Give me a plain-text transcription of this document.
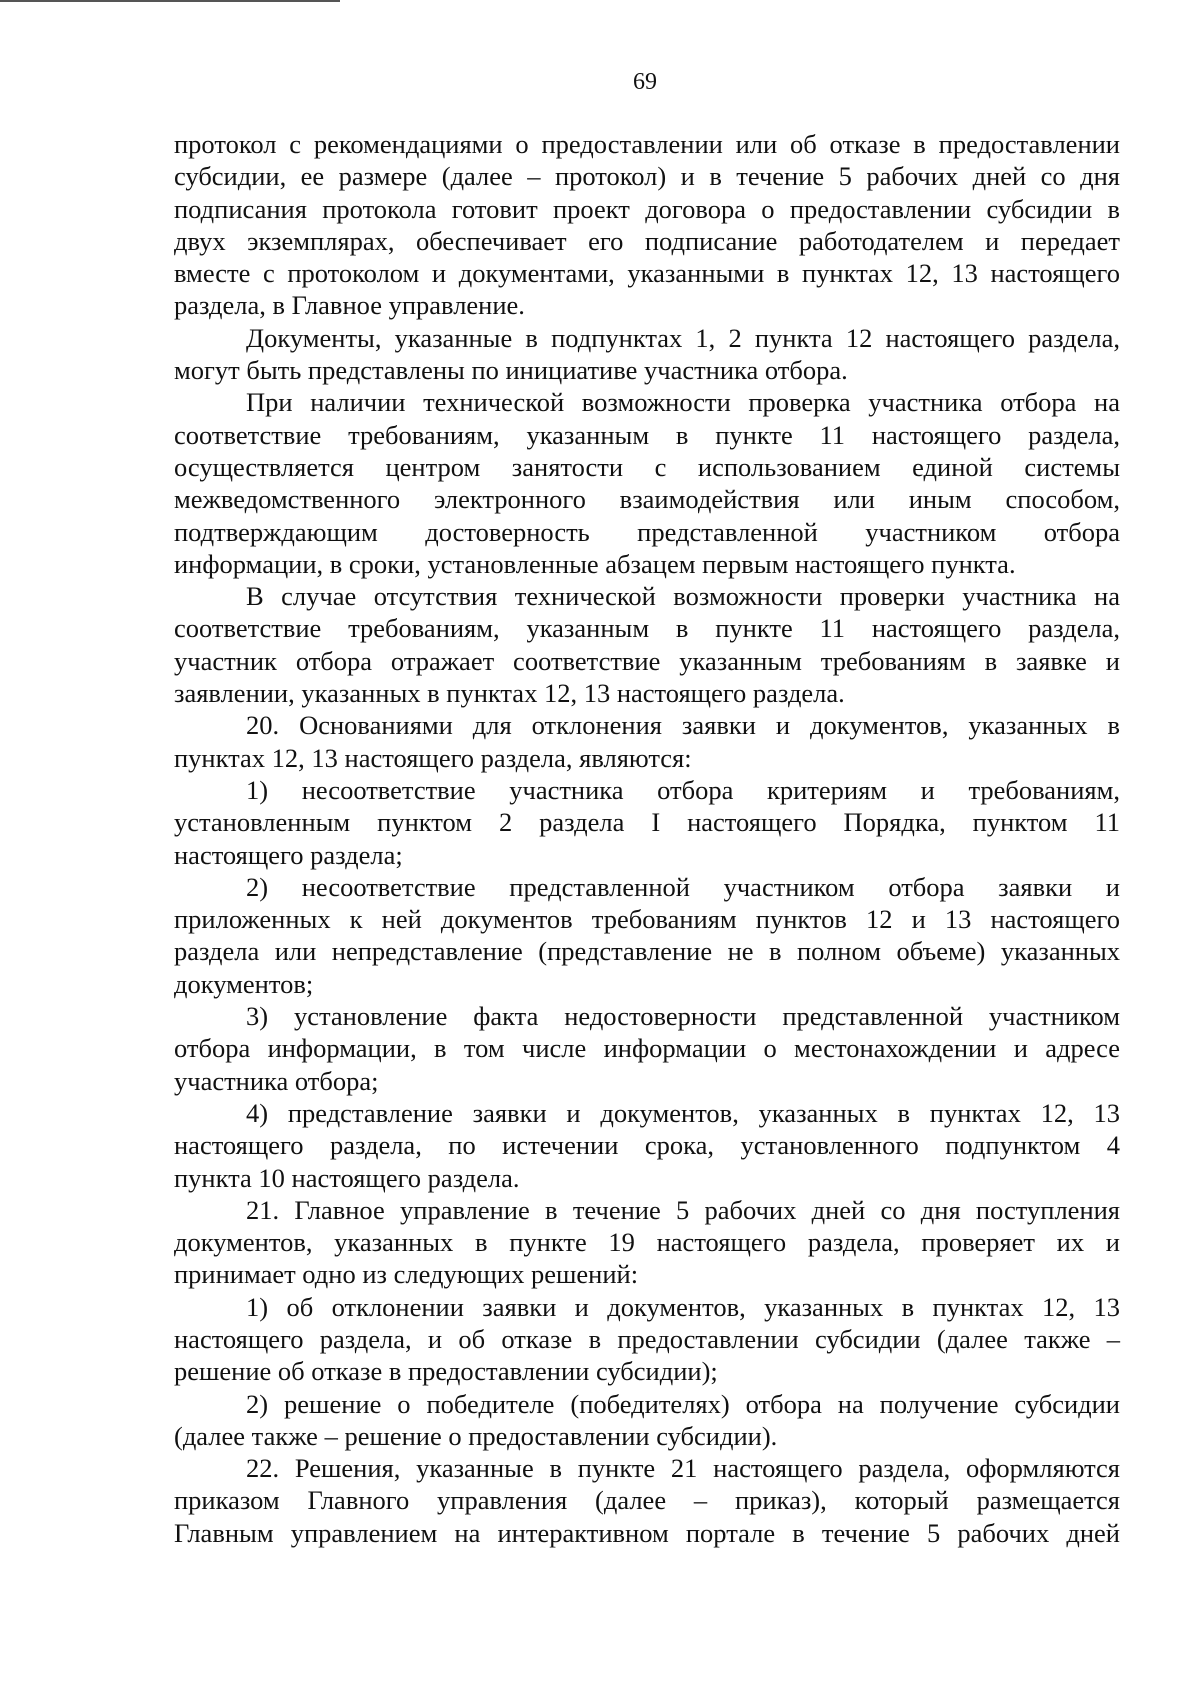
69
протокол с рекомендациями о предоставлении или об отказе в предоставлении
субсидии, ее размере (далее – протокол) и в течение 5 рабочих дней со дня
подписания протокола готовит проект договора о предоставлении субсидии в
двух экземплярах, обеспечивает его подписание работодателем и передает
вместе с протоколом и документами, указанными в пунктах 12, 13 настоящего
раздела, в Главное управление.
Документы, указанные в подпунктах 1, 2 пункта 12 настоящего раздела,
могут быть представлены по инициативе участника отбора.
При наличии технической возможности проверка участника отбора на
соответствие требованиям, указанным в пункте 11 настоящего раздела,
осуществляется центром занятости с использованием единой системы
межведомственного электронного взаимодействия или иным способом,
подтверждающим достоверность представленной участником отбора
информации, в сроки, установленные абзацем первым настоящего пункта.
В случае отсутствия технической возможности проверки участника на
соответствие требованиям, указанным в пункте 11 настоящего раздела,
участник отбора отражает соответствие указанным требованиям в заявке и
заявлении, указанных в пунктах 12, 13 настоящего раздела.
20. Основаниями для отклонения заявки и документов, указанных в
пунктах 12, 13 настоящего раздела, являются:
1) несоответствие участника отбора критериям и требованиям,
установленным пунктом 2 раздела I настоящего Порядка, пунктом 11
настоящего раздела;
2) несоответствие представленной участником отбора заявки и
приложенных к ней документов требованиям пунктов 12 и 13 настоящего
раздела или непредставление (представление не в полном объеме) указанных
документов;
3) установление факта недостоверности представленной участником
отбора информации, в том числе информации о местонахождении и адресе
участника отбора;
4) представление заявки и документов, указанных в пунктах 12, 13
настоящего раздела, по истечении срока, установленного подпунктом 4
пункта 10 настоящего раздела.
21. Главное управление в течение 5 рабочих дней со дня поступления
документов, указанных в пункте 19 настоящего раздела, проверяет их и
принимает одно из следующих решений:
1) об отклонении заявки и документов, указанных в пунктах 12, 13
настоящего раздела, и об отказе в предоставлении субсидии (далее также –
решение об отказе в предоставлении субсидии);
2) решение о победителе (победителях) отбора на получение субсидии
(далее также – решение о предоставлении субсидии).
22. Решения, указанные в пункте 21 настоящего раздела, оформляются
приказом Главного управления (далее – приказ), который размещается
Главным управлением на интерактивном портале в течение 5 рабочих дней
